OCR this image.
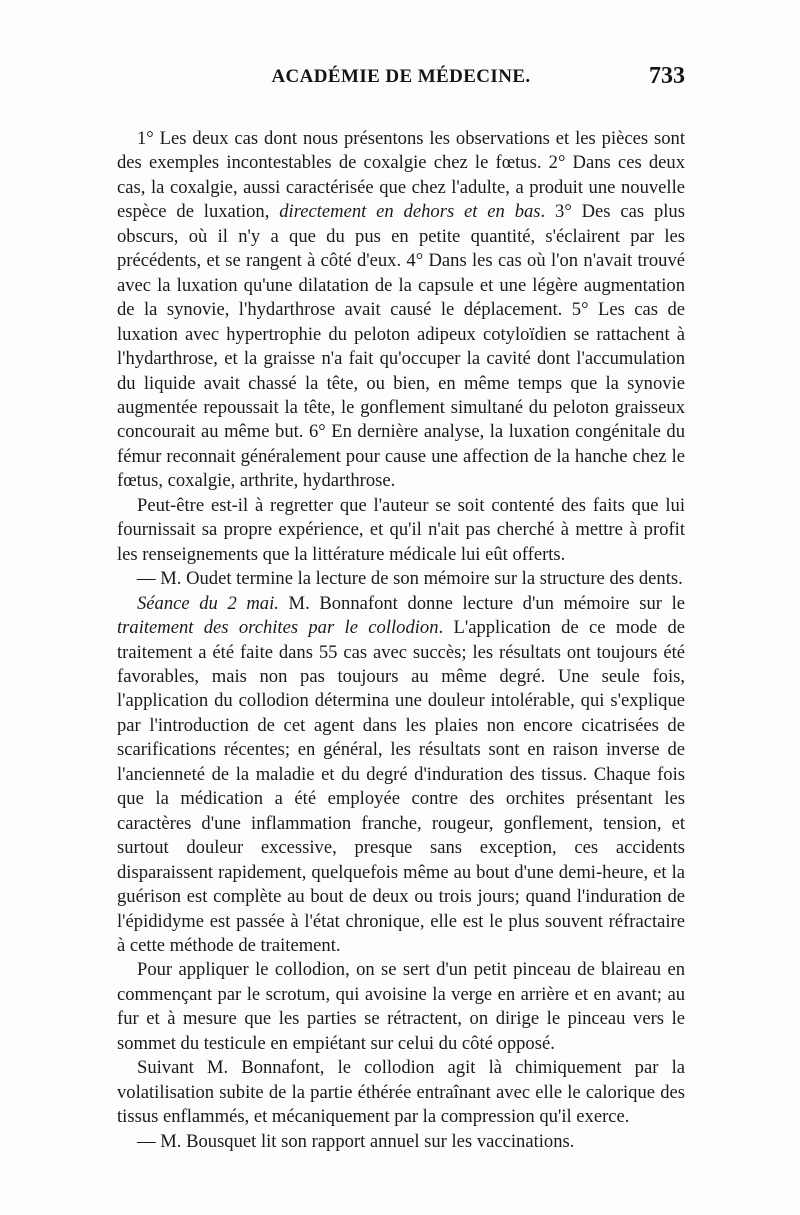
ACADÉMIE DE MÉDECINE.	733

1° Les deux cas dont nous présentons les observations et les pièces sont des exemples incontestables de coxalgie chez le fœtus. 2° Dans ces deux cas, la coxalgie, aussi caractérisée que chez l'adulte, a produit une nouvelle espèce de luxation, directement en dehors et en bas. 3° Des cas plus obscurs, où il n'y a que du pus en petite quantité, s'éclairent par les précédents, et se rangent à côté d'eux. 4° Dans les cas où l'on n'avait trouvé avec la luxation qu'une dilatation de la capsule et une légère augmentation de la synovie, l'hydarthrose avait causé le déplacement. 5° Les cas de luxation avec hypertrophie du peloton adipeux cotyloïdien se rattachent à l'hydarthrose, et la graisse n'a fait qu'occuper la cavité dont l'accumulation du liquide avait chassé la tête, ou bien, en même temps que la synovie augmentée repoussait la tête, le gonflement simultané du peloton graisseux concourait au même but. 6° En dernière analyse, la luxation congénitale du fémur reconnait généralement pour cause une affection de la hanche chez le fœtus, coxalgie, arthrite, hydarthrose.

Peut-être est-il à regretter que l'auteur se soit contenté des faits que lui fournissait sa propre expérience, et qu'il n'ait pas cherché à mettre à profit les renseignements que la littérature médicale lui eût offerts.

— M. Oudet termine la lecture de son mémoire sur la structure des dents.

Séance du 2 mai. M. Bonnafont donne lecture d'un mémoire sur le traitement des orchites par le collodion. L'application de ce mode de traitement a été faite dans 55 cas avec succès; les résultats ont toujours été favorables, mais non pas toujours au même degré. Une seule fois, l'application du collodion détermina une douleur intolérable, qui s'explique par l'introduction de cet agent dans les plaies non encore cicatrisées de scarifications récentes; en général, les résultats sont en raison inverse de l'ancienneté de la maladie et du degré d'induration des tissus. Chaque fois que la médication a été employée contre des orchites présentant les caractères d'une inflammation franche, rougeur, gonflement, tension, et surtout douleur excessive, presque sans exception, ces accidents disparaissent rapidement, quelquefois même au bout d'une demi-heure, et la guérison est complète au bout de deux ou trois jours; quand l'induration de l'épididyme est passée à l'état chronique, elle est le plus souvent réfractaire à cette méthode de traitement.

Pour appliquer le collodion, on se sert d'un petit pinceau de blaireau en commençant par le scrotum, qui avoisine la verge en arrière et en avant; au fur et à mesure que les parties se rétractent, on dirige le pinceau vers le sommet du testicule en empiétant sur celui du côté opposé.

Suivant M. Bonnafont, le collodion agit là chimiquement par la volatilisation subite de la partie éthérée entraînant avec elle le calorique des tissus enflammés, et mécaniquement par la compression qu'il exerce.

— M. Bousquet lit son rapport annuel sur les vaccinations.
